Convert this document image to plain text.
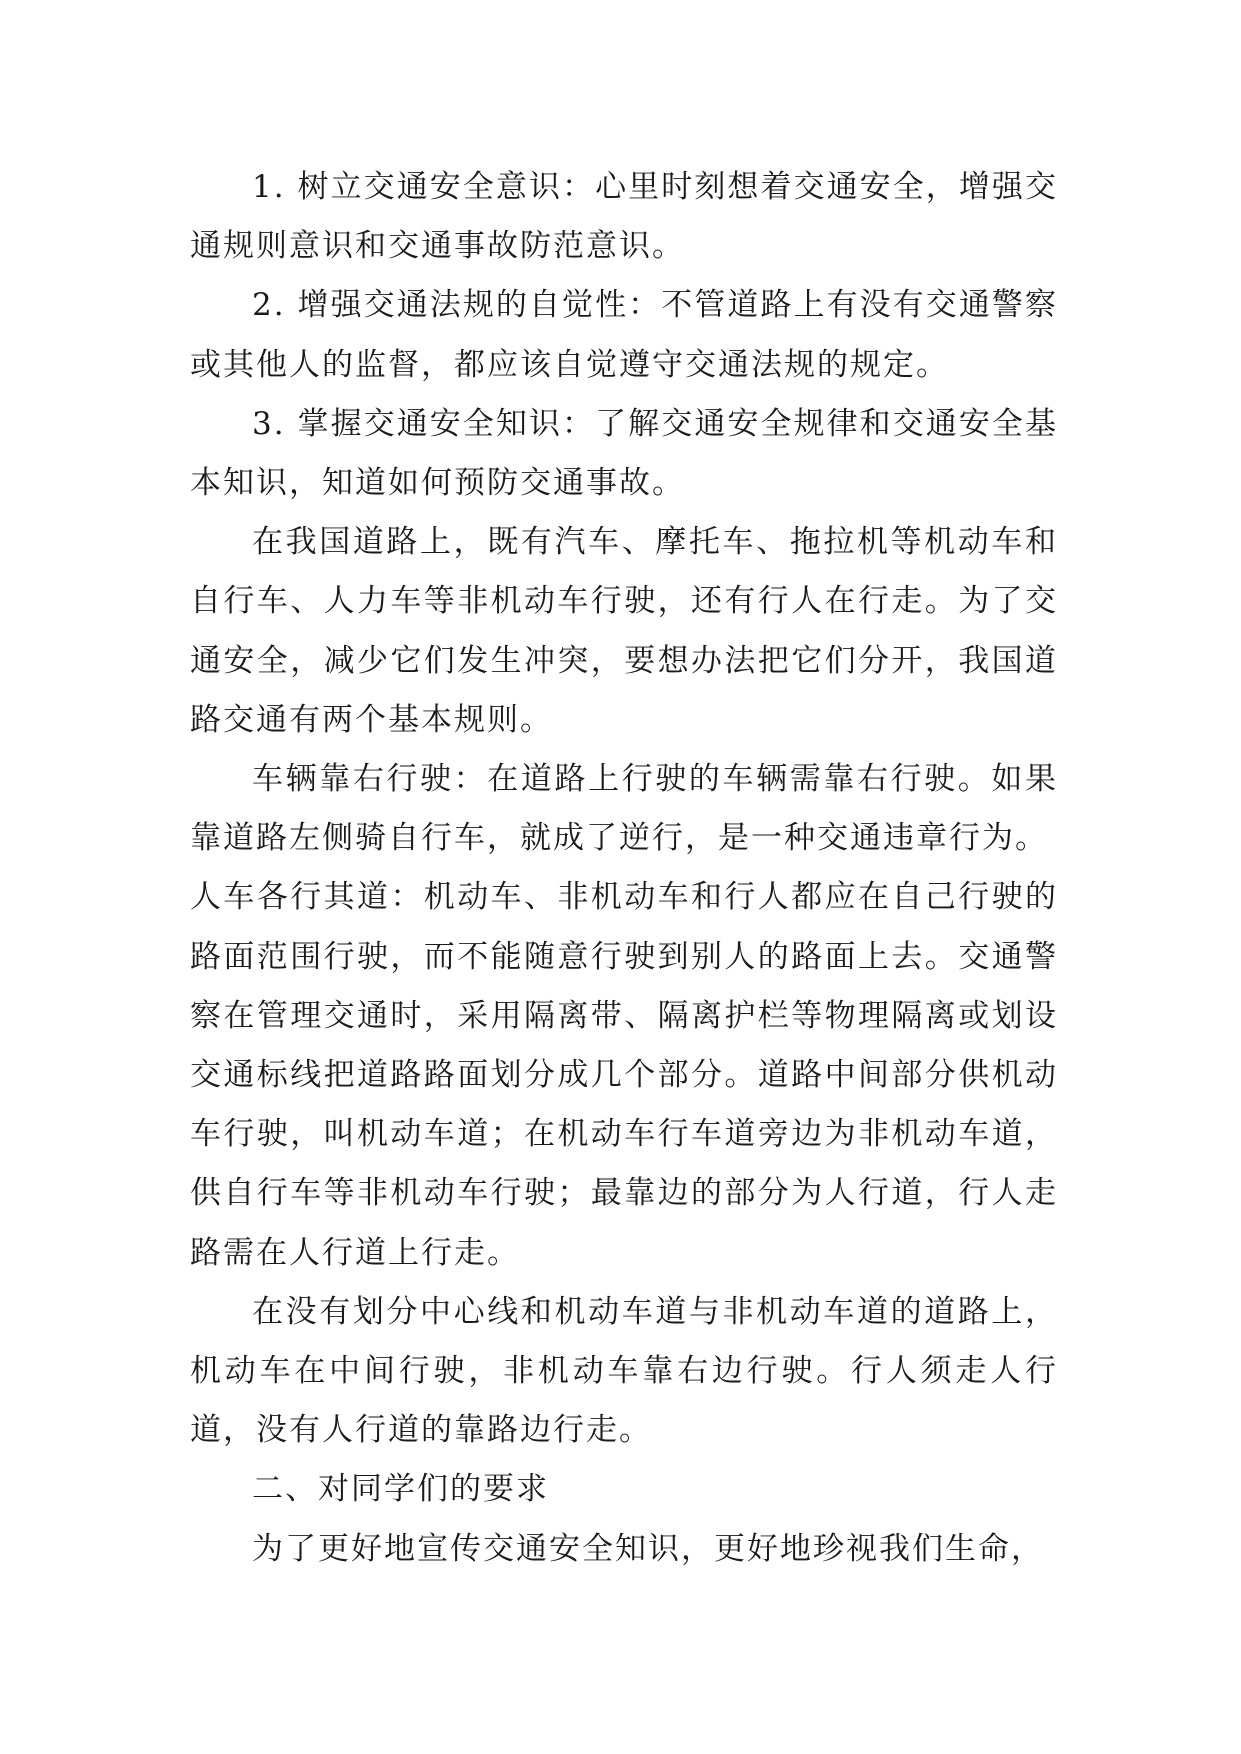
1. 树立交通安全意识：心里时刻想着交通安全，增强交通规则意识和交通事故防范意识。

2. 增强交通法规的自觉性：不管道路上有没有交通警察或其他人的监督，都应该自觉遵守交通法规的规定。

3. 掌握交通安全知识：了解交通安全规律和交通安全基本知识，知道如何预防交通事故。

在我国道路上，既有汽车、摩托车、拖拉机等机动车和自行车、人力车等非机动车行驶，还有行人在行走。为了交通安全，减少它们发生冲突，要想办法把它们分开，我国道路交通有两个基本规则。

车辆靠右行驶：在道路上行驶的车辆需靠右行驶。如果靠道路左侧骑自行车，就成了逆行，是一种交通违章行为。

人车各行其道：机动车、非机动车和行人都应在自己行驶的路面范围行驶，而不能随意行驶到别人的路面上去。交通警察在管理交通时，采用隔离带、隔离护栏等物理隔离或划设交通标线把道路路面划分成几个部分。道路中间部分供机动车行驶，叫机动车道；在机动车行车道旁边为非机动车道，供自行车等非机动车行驶；最靠边的部分为人行道，行人走路需在人行道上行走。

在没有划分中心线和机动车道与非机动车道的道路上，机动车在中间行驶，非机动车靠右边行驶。行人须走人行道，没有人行道的靠路边行走。

二、对同学们的要求

为了更好地宣传交通安全知识，更好地珍视我们生命，
